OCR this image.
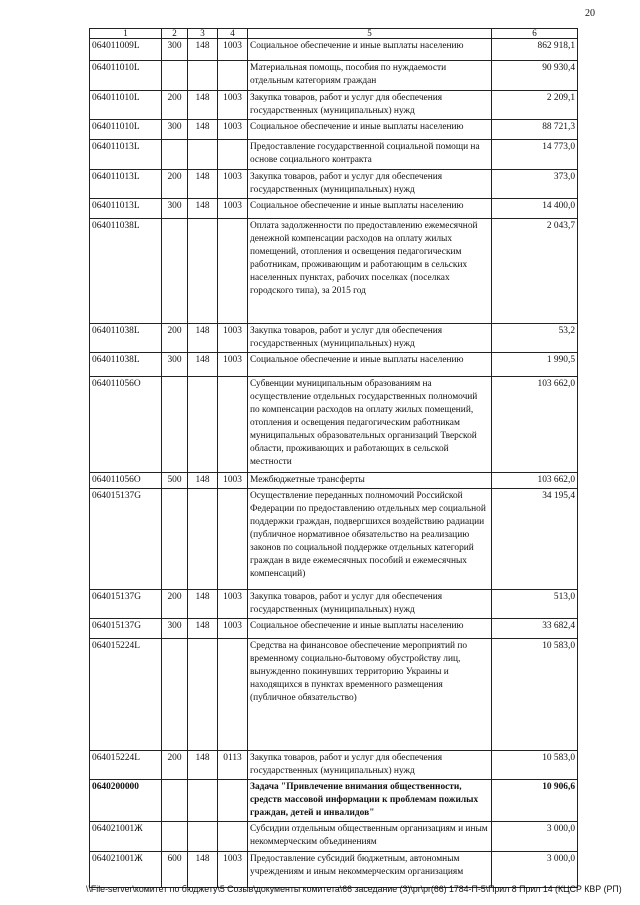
20
1	2	3	4	5	6
064011009L	300	148	1003	Социальное обеспечение и иные выплаты населению	862 918,1
064011010L				Материальная помощь, пособия по нуждаемости отдельным категориям граждан	90 930,4
064011010L	200	148	1003	Закупка товаров, работ и услуг для обеспечения государственных (муниципальных) нужд	2 209,1
064011010L	300	148	1003	Социальное обеспечение и иные выплаты населению	88 721,3
064011013L				Предоставление государственной социальной помощи на основе социального контракта	14 773,0
064011013L	200	148	1003	Закупка товаров, работ и услуг для обеспечения государственных (муниципальных) нужд	373,0
064011013L	300	148	1003	Социальное обеспечение и иные выплаты населению	14 400,0
064011038L				Оплата задолженности по предоставлению ежемесячной денежной компенсации расходов на оплату жилых помещений, отопления и освещения педагогическим работникам, проживающим и работающим в сельских населенных пунктах, рабочих поселках (поселках городского типа), за 2015 год	2 043,7
064011038L	200	148	1003	Закупка товаров, работ и услуг для обеспечения государственных (муниципальных) нужд	53,2
064011038L	300	148	1003	Социальное обеспечение и иные выплаты населению	1 990,5
064011056O				Субвенции муниципальным образованиям на осуществление отдельных государственных полномочий по компенсации расходов на оплату жилых помещений, отопления и освещения педагогическим работникам муниципальных образовательных организаций Тверской области, проживающих и работающих в сельской местности	103 662,0
064011056O	500	148	1003	Межбюджетные трансферты	103 662,0
064015137G				Осуществление переданных полномочий Российской Федерации по предоставлению отдельных мер социальной поддержки граждан, подвергшихся воздействию радиации (публичное нормативное обязательство на реализацию законов по социальной поддержке отдельных категорий граждан в виде ежемесячных пособий и ежемесячных компенсаций)	34 195,4
064015137G	200	148	1003	Закупка товаров, работ и услуг для обеспечения государственных (муниципальных) нужд	513,0
064015137G	300	148	1003	Социальное обеспечение и иные выплаты населению	33 682,4
064015224L				Средства на финансовое обеспечение мероприятий по временному социально-бытовому обустройству лиц, вынужденно покинувших территорию Украины и находящихся в пунктах временного размещения (публичное обязательство)	10 583,0
064015224L	200	148	0113	Закупка товаров, работ и услуг для обеспечения государственных (муниципальных) нужд	10 583,0
0640200000				Задача "Привлечение внимания общественности, средств массовой информации к проблемам пожилых граждан, детей и инвалидов"	10 906,6
064021001Ж				Субсидии отдельным общественным организациям и иным некоммерческим объединениям	3 000,0
064021001Ж	600	148	1003	Предоставление субсидий бюджетным, автономным учреждениям и иным некоммерческим организациям	3 000,0
\\File-server\комитет по бюджету\5 Созыв\документы комитета\66 заседание (3)\pr\pr(66) 1784-П-5\Прил 8 Прил 14 (КЦСР КВР (РП)
